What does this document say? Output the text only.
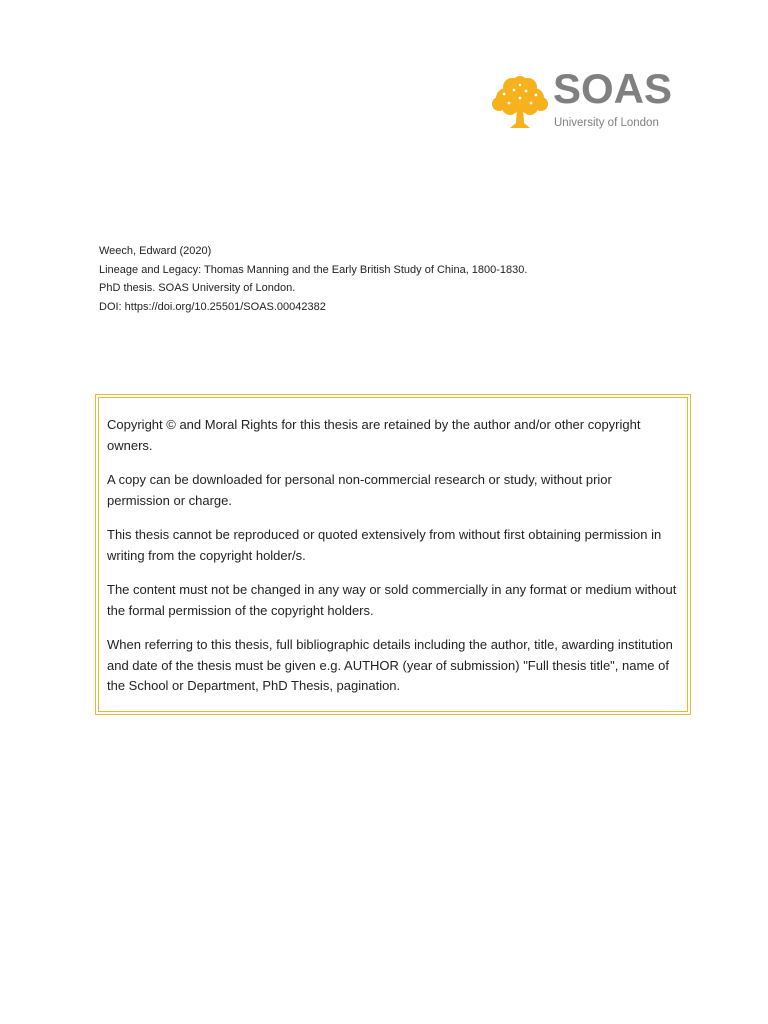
SOAS
University of London
Weech, Edward (2020)
Lineage and Legacy: Thomas Manning and the Early British Study of China, 1800-1830.
PhD thesis. SOAS University of London.
DOI: https://doi.org/10.25501/SOAS.00042382

Copyright © and Moral Rights for this thesis are retained by the author and/or other copyright owners.

A copy can be downloaded for personal non-commercial research or study, without prior permission or charge.

This thesis cannot be reproduced or quoted extensively from without first obtaining permission in writing from the copyright holder/s.

The content must not be changed in any way or sold commercially in any format or medium without the formal permission of the copyright holders.

When referring to this thesis, full bibliographic details including the author, title, awarding institution and date of the thesis must be given e.g. AUTHOR (year of submission) "Full thesis title", name of the School or Department, PhD Thesis, pagination.
